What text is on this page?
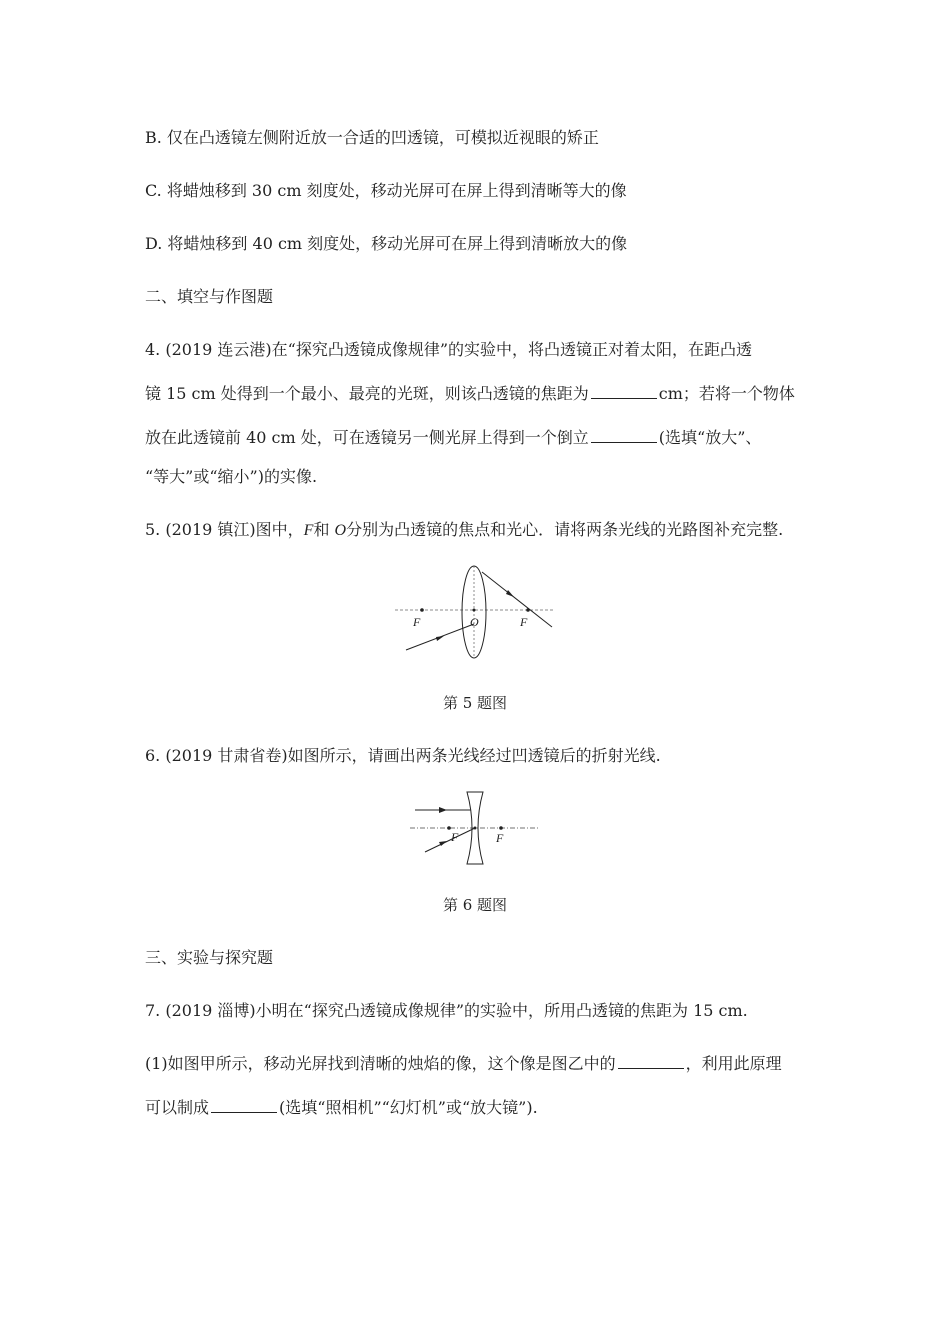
B. 仅在凸透镜左侧附近放一合适的凹透镜，可模拟近视眼的矫正
C. 将蜡烛移到 30 cm 刻度处，移动光屏可在屏上得到清晰等大的像
D. 将蜡烛移到 40 cm 刻度处，移动光屏可在屏上得到清晰放大的像
二、填空与作图题
4. (2019 连云港)在“探究凸透镜成像规律”的实验中，将凸透镜正对着太阳，在距凸透
镜 15 cm 处得到一个最小、最亮的光斑，则该凸透镜的焦距为	cm；若将一个物体
放在此透镜前 40 cm 处，可在透镜另一侧光屏上得到一个倒立	(选填“放大”、
“等大”或“缩小”)的实像.
5. (2019 镇江)图中，F和 O分别为凸透镜的焦点和光心．请将两条光线的光路图补充完整.
F	O	F
第 5 题图
6. (2019 甘肃省卷)如图所示，请画出两条光线经过凹透镜后的折射光线.
F	F
第 6 题图
三、实验与探究题
7. (2019 淄博)小明在“探究凸透镜成像规律”的实验中，所用凸透镜的焦距为 15 cm.
(1)如图甲所示，移动光屏找到清晰的烛焰的像，这个像是图乙中的	，利用此原理
可以制成	(选填“照相机”“幻灯机”或“放大镜”).
